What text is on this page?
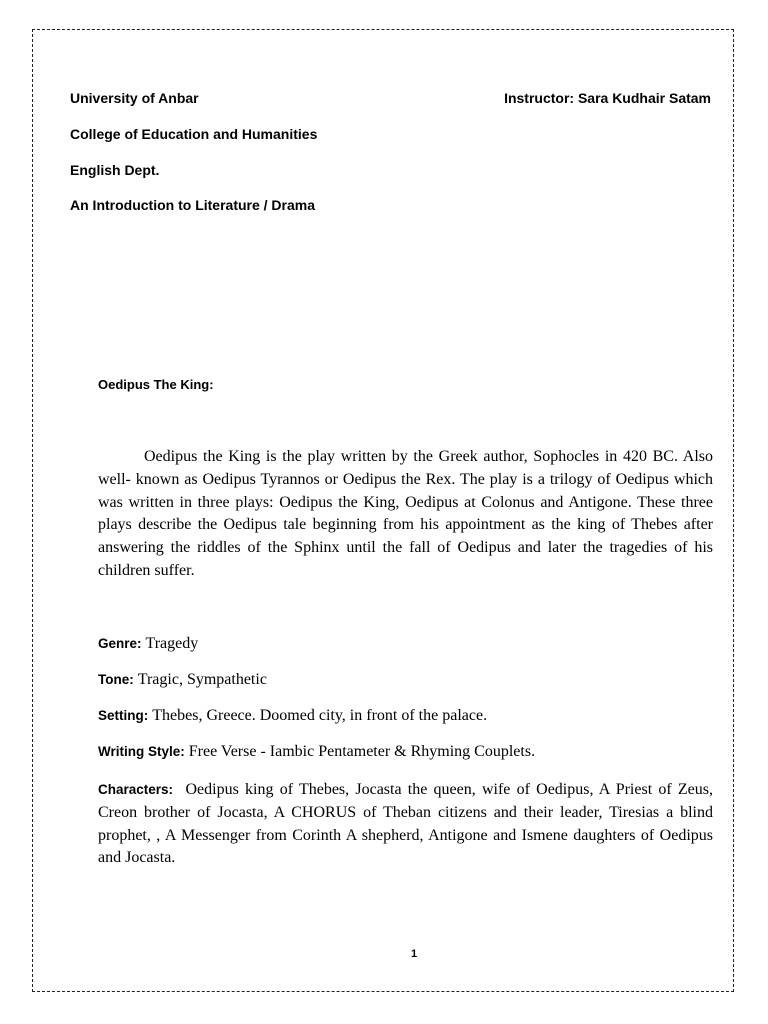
University of Anbar	Instructor: Sara Kudhair Satam
College of Education and Humanities
English Dept.
An Introduction to Literature / Drama
Oedipus The King:

Oedipus the King is the play written by the Greek author, Sophocles in 420 BC. Also well- known as Oedipus Tyrannos or Oedipus the Rex. The play is a trilogy of Oedipus which was written in three plays: Oedipus the King, Oedipus at Colonus and Antigone. These three plays describe the Oedipus tale beginning from his appointment as the king of Thebes after answering the riddles of the Sphinx until the fall of Oedipus and later the tragedies of his children suffer.

Genre: Tragedy
Tone: Tragic, Sympathetic
Setting: Thebes, Greece. Doomed city, in front of the palace.
Writing Style: Free Verse - Iambic Pentameter & Rhyming Couplets.

Characters: Oedipus king of Thebes, Jocasta the queen, wife of Oedipus, A Priest of Zeus, Creon brother of Jocasta, A CHORUS of Theban citizens and their leader, Tiresias a blind prophet, , A Messenger from Corinth A shepherd, Antigone and Ismene daughters of Oedipus and Jocasta.

1
